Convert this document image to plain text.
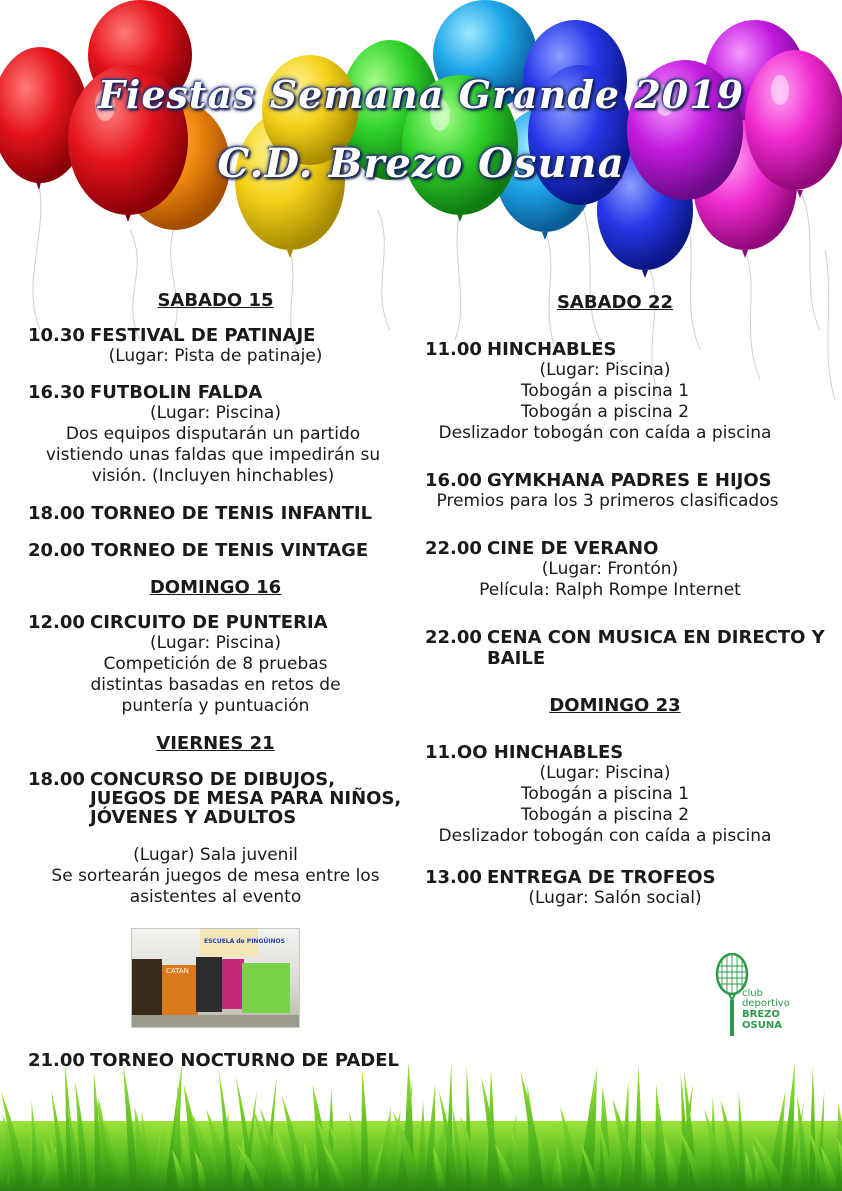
Fiestas Semana Grande 2019
C.D. Brezo Osuna

SABADO 15

10.30 FESTIVAL DE PATINAJE
(Lugar: Pista de patinaje)
16.30 FUTBOLIN FALDA
(Lugar: Piscina)
Dos equipos disputarán un partido vistiendo unas faldas que impedirán su visión. (Incluyen hinchables)
18.00 TORNEO DE TENIS INFANTIL
20.00 TORNEO DE TENIS VINTAGE

DOMINGO 16

12.00 CIRCUITO DE PUNTERIA
(Lugar: Piscina)
Competición de 8 pruebas distintas basadas en retos de puntería y puntuación

VIERNES 21

18.00 CONCURSO DE DIBUJOS, JUEGOS DE MESA PARA NIÑOS, JÓVENES Y ADULTOS
(Lugar) Sala juvenil
Se sortearán juegos de mesa entre los asistentes al evento
CATAN
ESCUELA de PINGÜINOS
21.00 TORNEO NOCTURNO DE PADEL

SABADO 22

11.00 HINCHABLES
(Lugar: Piscina)
Tobogán a piscina 1
Tobogán a piscina 2
Deslizador tobogán con caída a piscina
16.00 GYMKHANA PADRES E HIJOS
Premios para los 3 primeros clasificados
22.00 CINE DE VERANO
(Lugar: Frontón)
Película: Ralph Rompe Internet
22.00 CENA CON MUSICA EN DIRECTO Y BAILE

DOMINGO 23

11.OO HINCHABLES
(Lugar: Piscina)
Tobogán a piscina 1
Tobogán a piscina 2
Deslizador tobogán con caída a piscina
13.00 ENTREGA DE TROFEOS
(Lugar: Salón social)
club
deportivo
BREZO
OSUNA
